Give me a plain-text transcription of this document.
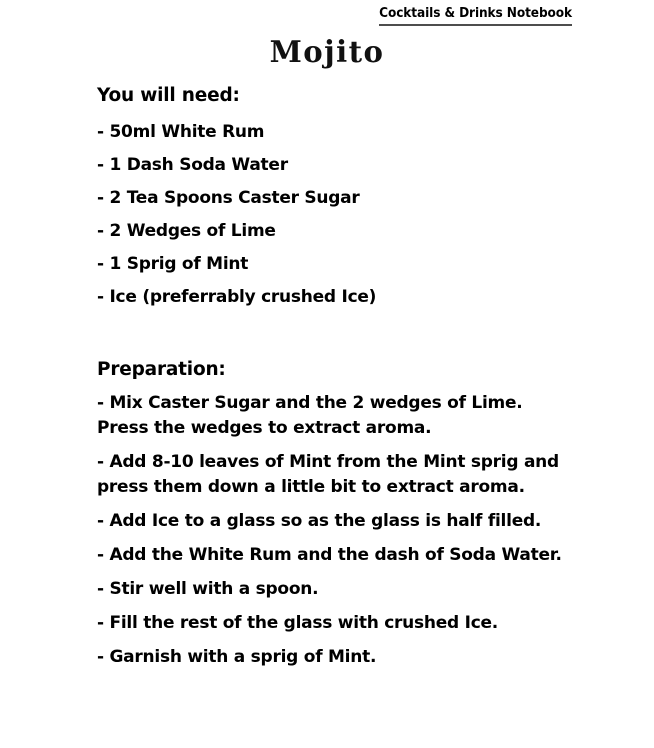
Cocktails & Drinks Notebook
Mojito
You will need:

- 50ml White Rum

- 1 Dash Soda Water

- 2 Tea Spoons Caster Sugar

- 2 Wedges of Lime

- 1 Sprig of Mint

- Ice (preferrably crushed Ice)

Preparation:

- Mix Caster Sugar and the 2 wedges of Lime. Press the wedges to extract aroma.

- Add 8-10 leaves of Mint from the Mint sprig and press them down a little bit to extract aroma.

- Add Ice to a glass so as the glass is half filled.

- Add the White Rum and the dash of Soda Water.

- Stir well with a spoon.

- Fill the rest of the glass with crushed Ice.

- Garnish with a sprig of Mint.
